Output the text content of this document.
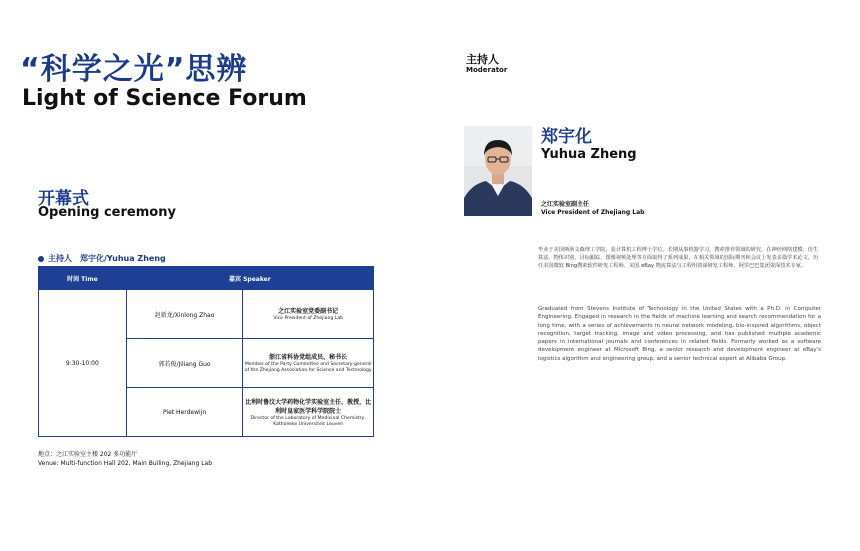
“科学之光”思辨
Light of Science Forum
开幕式
Opening ceremony
主持人　郑宇化/Yuhua Zheng
时间 Time	嘉宾 Speaker	
9:30-10:00	赵新龙/Xinlong Zhao	之江实验室党委副书记
Vice President of Zhejiang Lab

	郭若俊/Jiliang Guo	浙江省科协党组成员、秘书长
Member of the Party Committee and Secretary-general of the Zhejiang Association for Science and Technology

	Piet Herdewijn	比利时鲁汶大学药物化学实验室主任、教授，比利时皇家医学科学院院士
Director of the Laboratory of Medicinal Chemistry, Katholieke Universiteit Leuven
地点：之江实验室主楼 202 多功能厅
Venue: Multi-function Hall 202, Main Builing, Zhejiang Lab
主持人
Moderator
郑宇化
Yuhua Zheng
之江实验室副主任
Vice President of Zhejiang Lab
毕业于美国斯蒂文森理工学院，获计算机工程博士学位。长期从事机器学习、搜索推荐领域的研究，在神经网络建模、仿生算法、物体识别、目标跟踪、图像视频处理等方面取得了系列成果，在相关领域的国际期刊和会议上发表多篇学术论文。历任美国微软 Bing搜索软件研发工程师、美国 eBay 物流算法与工程组资深研发工程师、阿里巴巴集团资深技术专家。
Graduated from Stevens Institute of Technology in the United States with a Ph.D. in Computer Engineering. Engaged in research in the fields of machine learning and search recommendation for a long time, with a series of achievements in neural network modeling, bio-inspired algorithms, object recognition, target tracking, image and video processing, and has published multiple academic papers in international journals and conferences in related fields. Formerly worked as a software development engineer at Microsoft Bing, a senior research and development engineer at eBay's logistics algorithm and engineering group, and a senior technical expert at Alibaba Group.
